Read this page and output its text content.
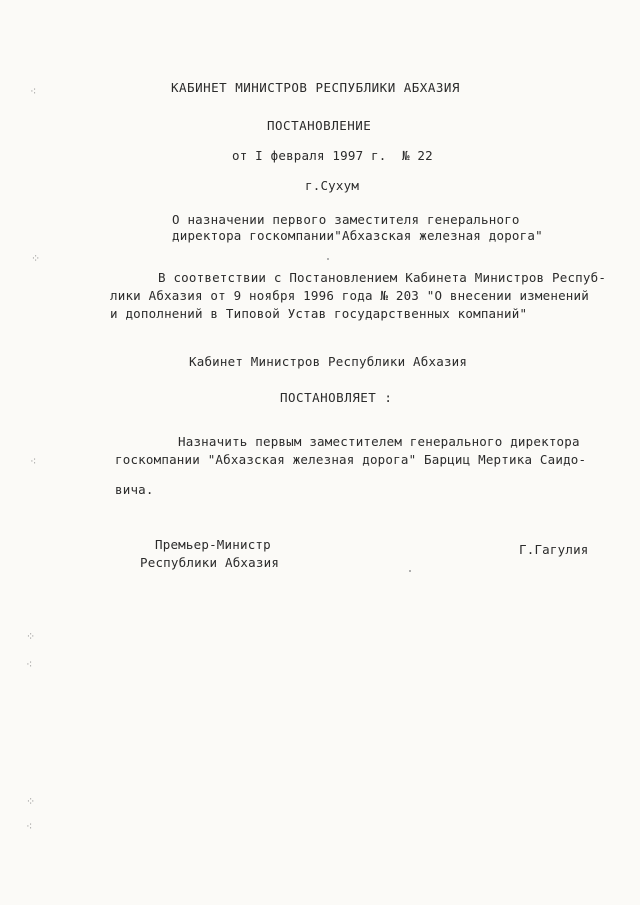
КАБИНЕТ МИНИСТРОВ РЕСПУБЛИКИ АБХАЗИЯ
ПОСТАНОВЛЕНИЕ
от I февраля 1997 г.  № 22
г.Сухум
О назначении первого заместителя генерального
директора госкомпании"Абхазская железная дорога"
В соответствии с Постановлением Кабинета Министров Респуб-
лики Абхазия от 9 ноября 1996 года № 203 "О внесении изменений
и дополнений в Типовой Устав государственных компаний"
Кабинет Министров Республики Абхазия
ПОСТАНОВЛЯЕТ :
Назначить первым заместителем генерального директора
госкомпании "Абхазская железная дорога" Барциц Мертика Саидо-
вича.
Премьер-Министр
Республики Абхазия
Г.Гагулия
⁖
⁘
⁖
⁘
⁖
⁘
⁖
